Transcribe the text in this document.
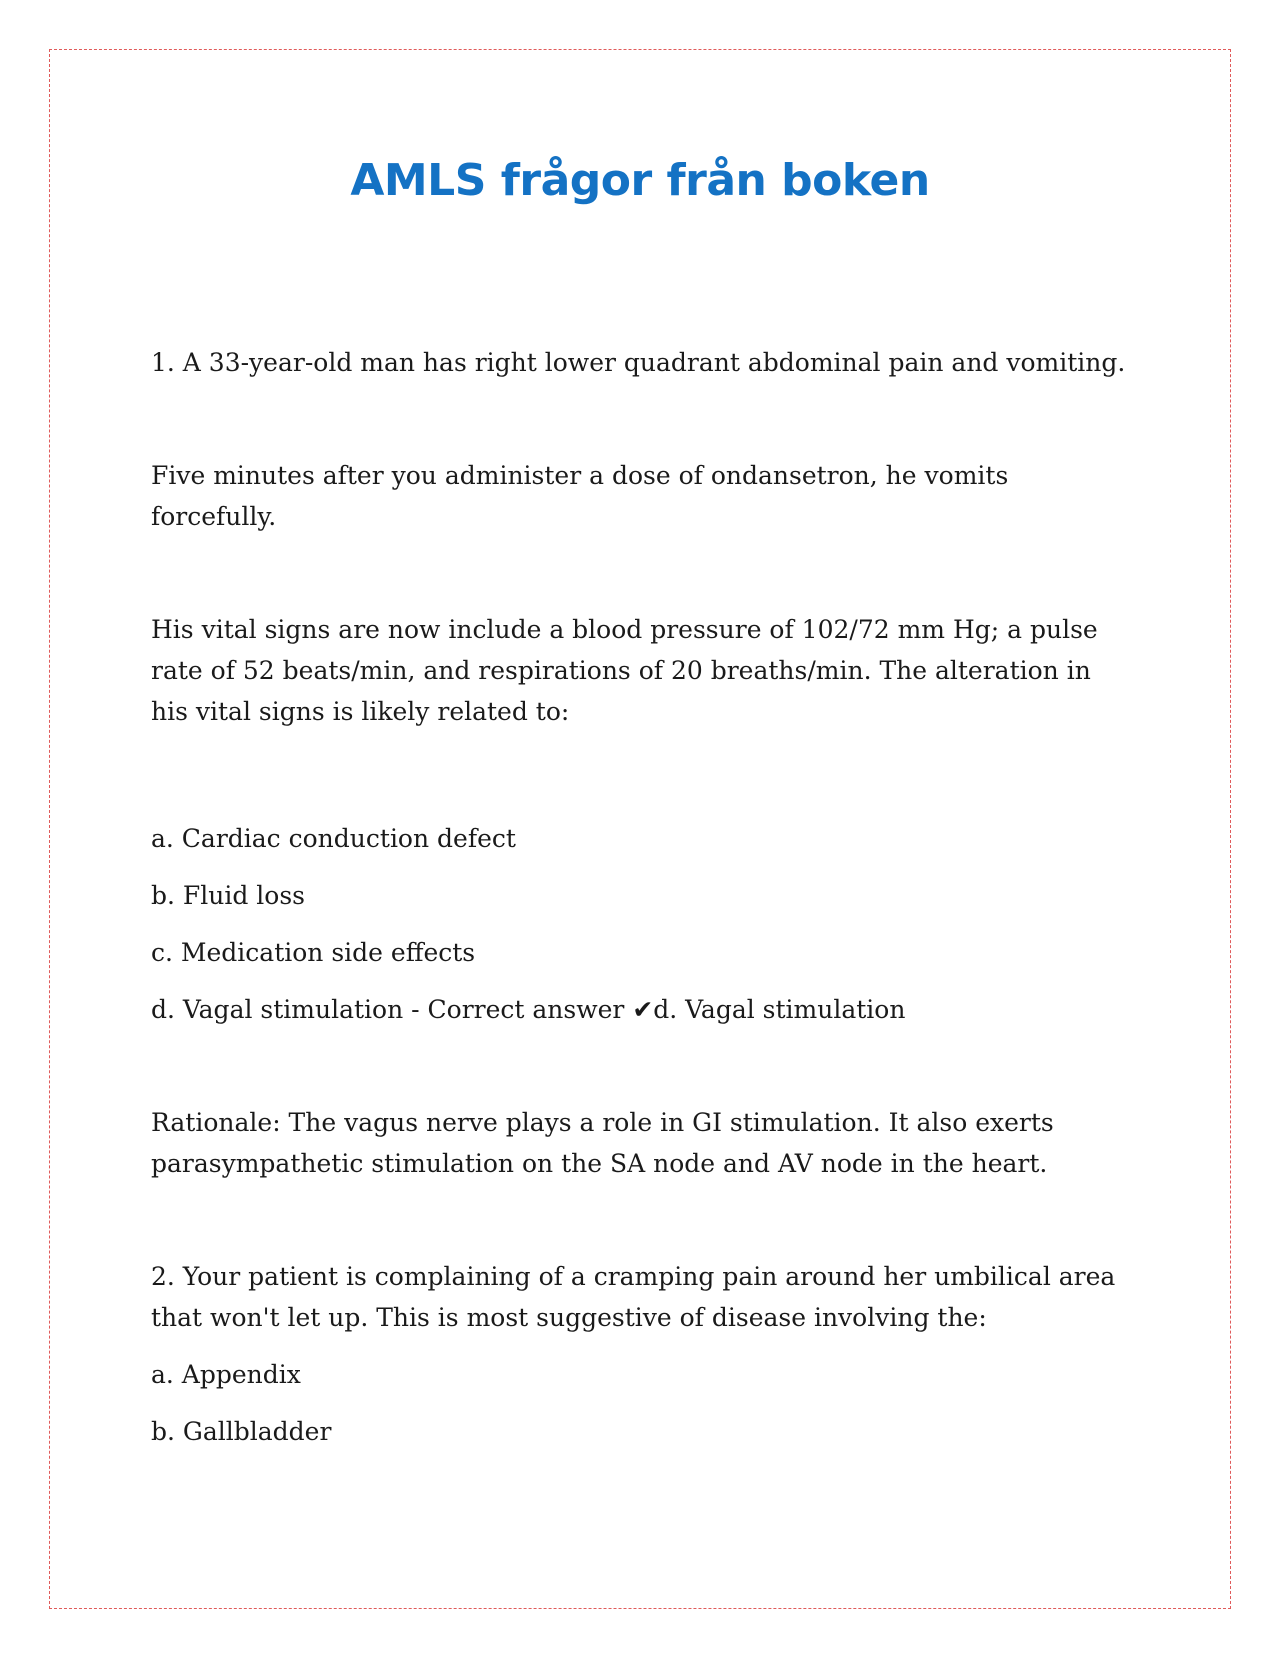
AMLS frågor från boken

1. A 33-year-old man has right lower quadrant abdominal pain and vomiting.

Five minutes after you administer a dose of ondansetron, he vomits forcefully.

His vital signs are now include a blood pressure of 102/72 mm Hg; a pulse rate of 52 beats/min, and respirations of 20 breaths/min. The alteration in his vital signs is likely related to:

a. Cardiac conduction defect

b. Fluid loss

c. Medication side effects

d. Vagal stimulation - Correct answer ✔d. Vagal stimulation

Rationale: The vagus nerve plays a role in GI stimulation. It also exerts parasympathetic stimulation on the SA node and AV node in the heart.

2. Your patient is complaining of a cramping pain around her umbilical area that won't let up. This is most suggestive of disease involving the:

a. Appendix

b. Gallbladder
